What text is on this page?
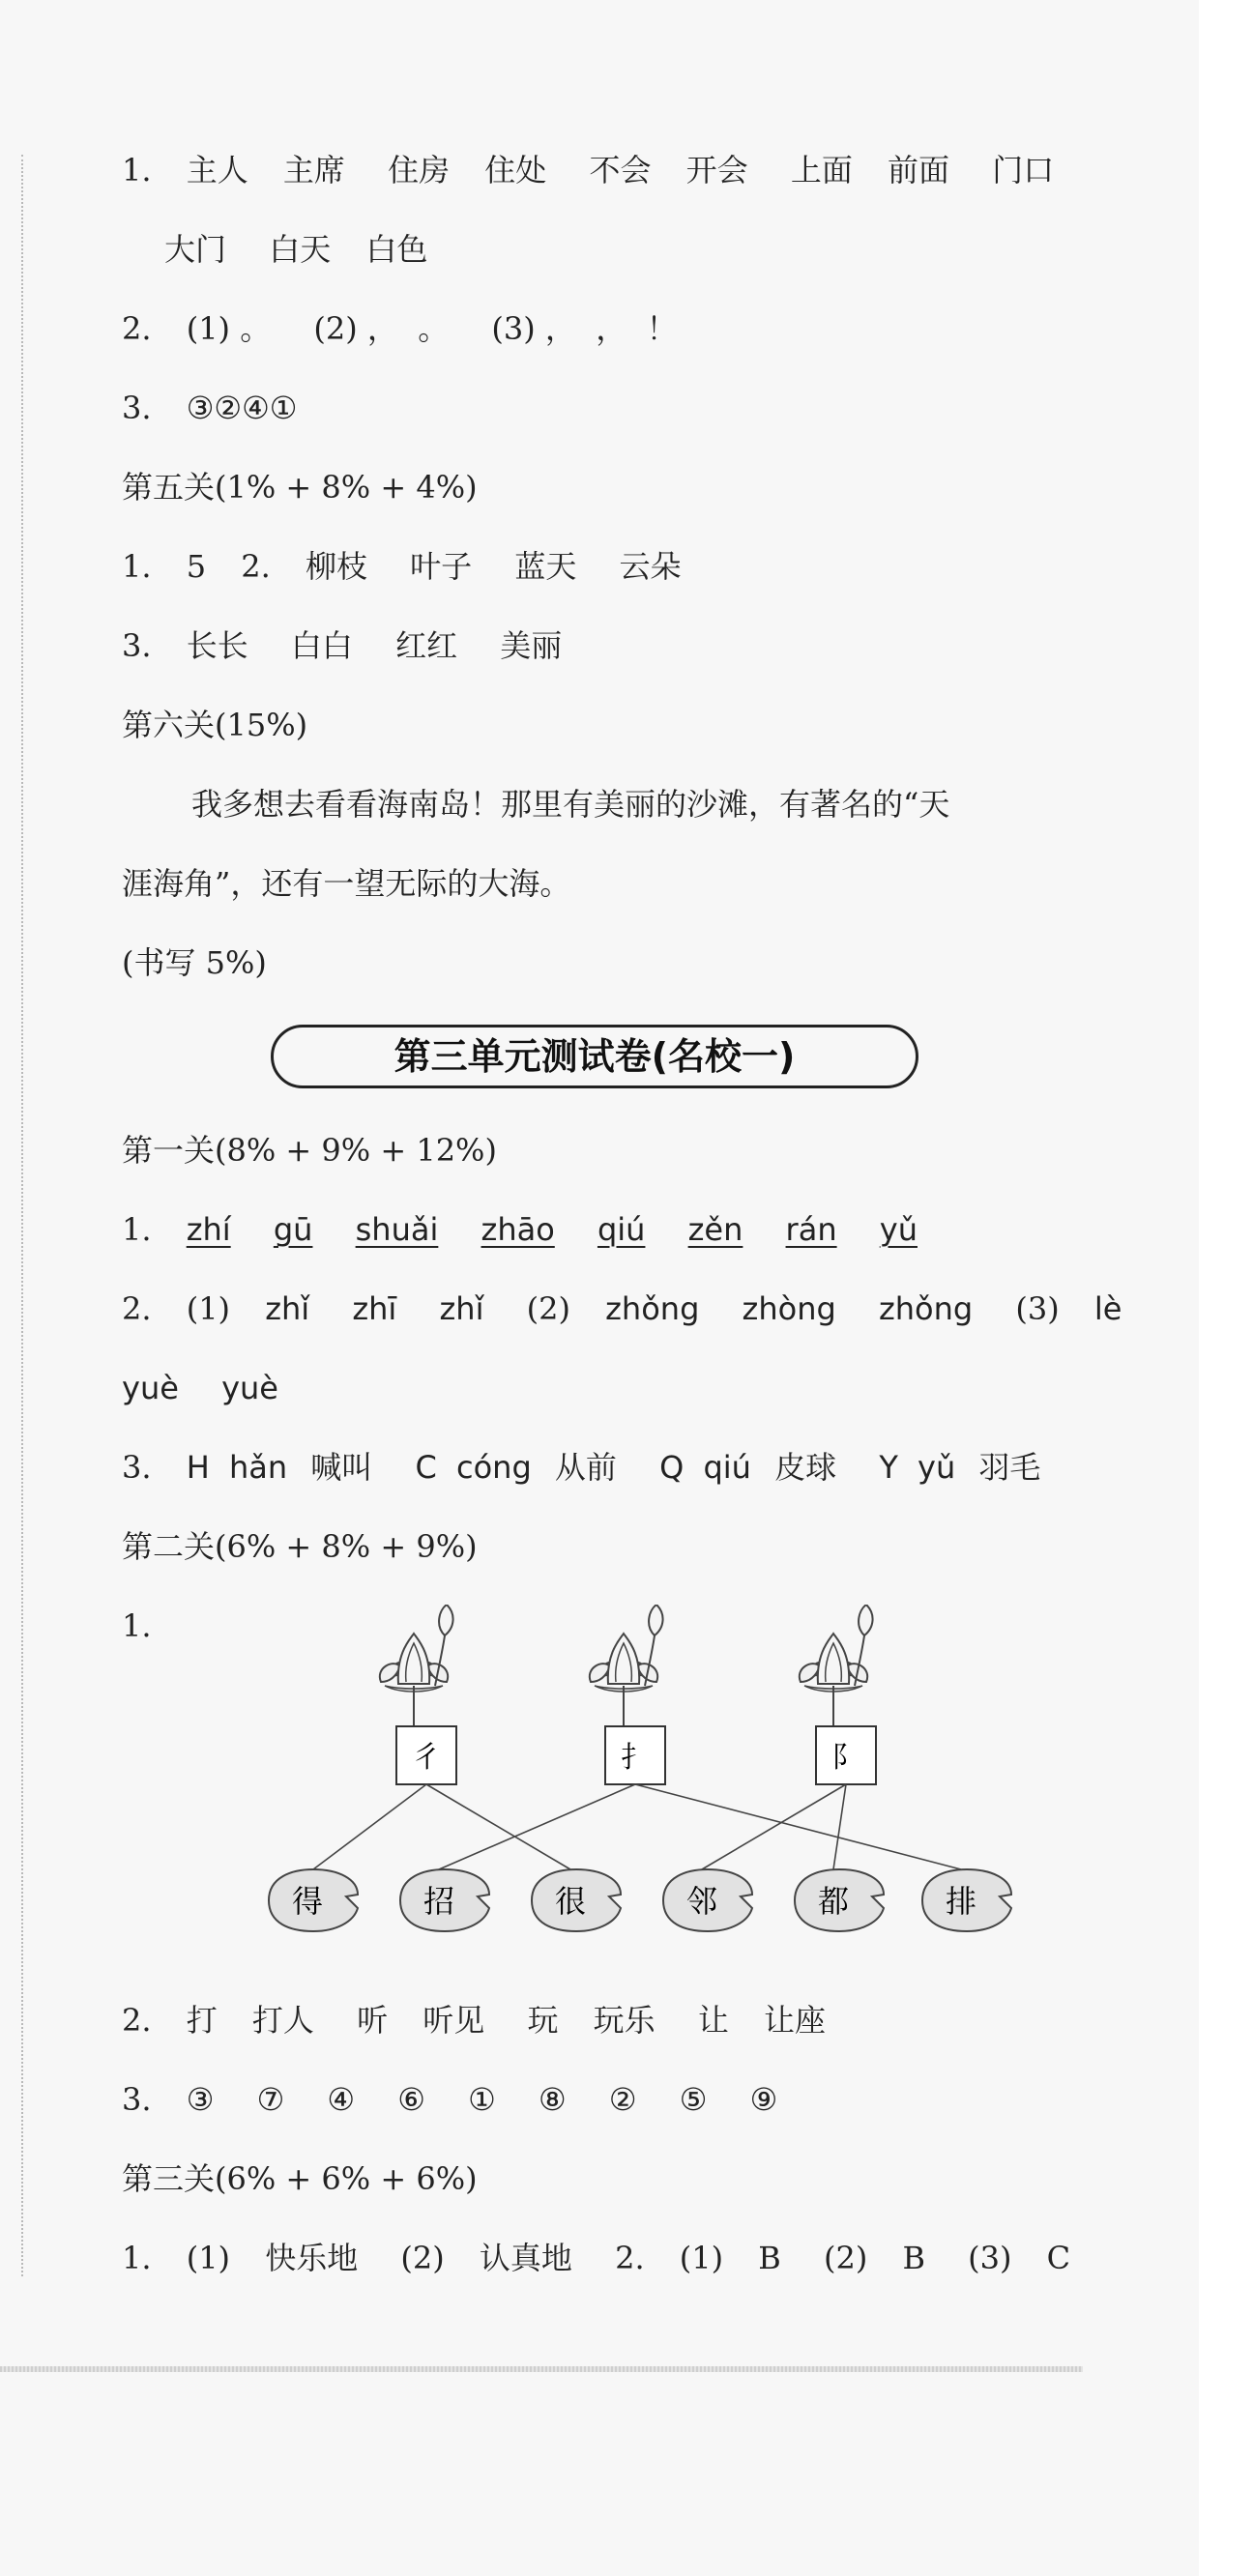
1. 主人 主席 住房 住处 不会 开会 上面 前面 门口
大门 白天 白色
2. (1) 。 (2) ，  。 (3) ，  ，  ！
3. ③②④①
第五关(1% + 8% + 4%)
1. 5 2. 柳枝 叶子 蓝天 云朵
3. 长长 白白 红红 美丽
第六关(15%)
我多想去看看海南岛！那里有美丽的沙滩，有著名的“天
涯海角”，还有一望无际的大海。
(书写 5%)
第三单元测试卷(名校一)
第一关(8% + 9% + 12%)
1. zhí gū shuǎi zhāo qiú zěn rán yǔ
2. (1) zhǐ zhī zhǐ (2) zhǒng zhòng zhǒng (3) lè
yuè yuè
3. H hǎn 喊叫 C cóng 从前 Q qiú 皮球 Y yǔ 羽毛
第二关(6% + 8% + 9%)
1.
彳	扌	阝
得	招	很	邻	都	排
2. 打 打人 听 听见 玩 玩乐 让 让座
3. ③ ⑦ ④ ⑥ ① ⑧ ② ⑤ ⑨
第三关(6% + 6% + 6%)
1. (1) 快乐地 (2) 认真地 2. (1) B (2) B (3) C
